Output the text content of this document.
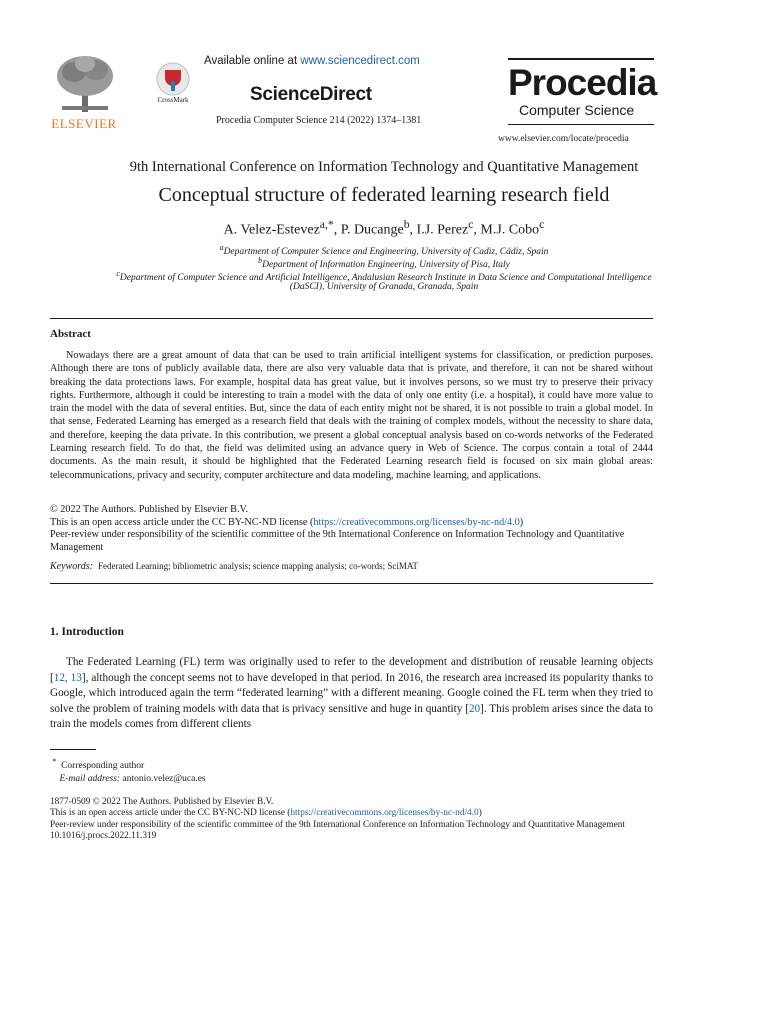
ELSEVIER
CrossMark
Available online at www.sciencedirect.com
ScienceDirect
Procedia Computer Science 214 (2022) 1374–1381
Procedia
Computer Science
www.elsevier.com/locate/procedia
9th International Conference on Information Technology and Quantitative Management
Conceptual structure of federated learning research field
A. Velez-Estevez$^{a,*}$, P. Ducange$^b$, I.J. Perez$^c$, M.J. Cobo$^c$
$^a$Department of Computer Science and Engineering, University of Cadiz, Cádiz, Spain
$^b$Department of Information Engineering, University of Pisa, Italy
$^c$Department of Computer Science and Artificial Intelligence, Andalusian Research Institute in Data Science and Computational Intelligence
(DaSCI), University of Granada, Granada, Spain
Abstract
Nowadays there are a great amount of data that can be used to train artificial intelligent systems for classification, or prediction purposes. Although there are tons of publicly available data, there are also very valuable data that is private, and therefore, it can not be shared without breaking the data protections laws. For example, hospital data has great value, but it involves persons, so we must try to preserve their privacy rights. Furthermore, although it could be interesting to train a model with the data of only one entity (i.e. a hospital), it could have more value to train the model with the data of several entities. But, since the data of each entity might not be shared, it is not possible to train a global model. In that sense, Federated Learning has emerged as a research field that deals with the training of complex models, without the necessity to share data, and therefore, keeping the data private. In this contribution, we present a global conceptual analysis based on co-words networks of the Federated Learning research field. To do that, the field was delimited using an advance query in Web of Science. The corpus contain a total of 2444 documents. As the main result, it should be highlighted that the Federated Learning research field is focused on six main global areas: telecommunications, privacy and security, computer architecture and data modeling, machine learning, and applications.
© 2022 The Authors. Published by Elsevier B.V.
This is an open access article under the CC BY-NC-ND license (https://creativecommons.org/licenses/by-nc-nd/4.0)
Peer-review under responsibility of the scientific committee of the 9th International Conference on Information Technology and Quantitative Management
Keywords: Federated Learning; bibliometric analysis; science mapping analysis; co-words; SciMAT
1. Introduction
The Federated Learning (FL) term was originally used to refer to the development and distribution of reusable learning objects [12, 13], although the concept seems not to have developed in that period. In 2016, the research area increased its popularity thanks to Google, which introduced again the term “federated learning” with a different meaning. Google coined the FL term when they tried to solve the problem of training models with data that is privacy sensitive and huge in quantity [20]. This problem arises since the data to train the models comes from different clients
* Corresponding author
E-mail address: antonio.velez@uca.es
1877-0509 © 2022 The Authors. Published by Elsevier B.V.
This is an open access article under the CC BY-NC-ND license (https://creativecommons.org/licenses/by-nc-nd/4.0)
Peer-review under responsibility of the scientific committee of the 9th International Conference on Information Technology and Quantitative Management
10.1016/j.procs.2022.11.319
